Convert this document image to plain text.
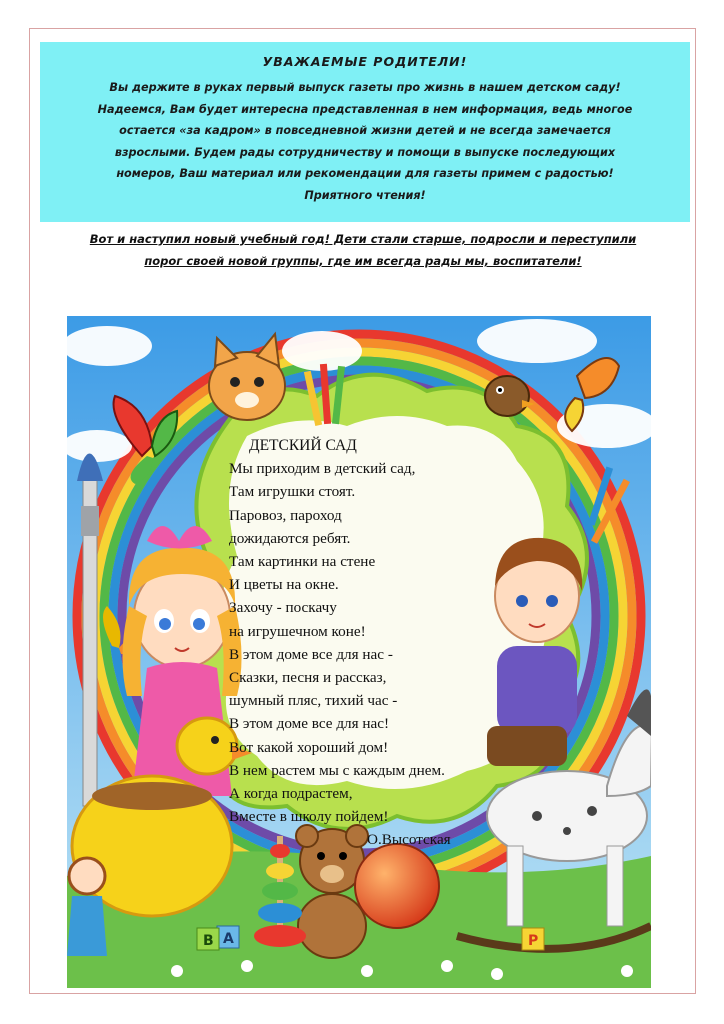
УВАЖАЕМЫЕ РОДИТЕЛИ!
Вы держите в руках первый выпуск газеты про жизнь в нашем детском саду!
Надеемся, Вам будет интересна представленная в нем информация, ведь многое
остается «за кадром» в повседневной жизни детей и не всегда замечается
взрослыми. Будем рады сотрудничеству и помощи в выпуске последующих
номеров, Ваш материал или рекомендации для газеты примем с радостью!
Приятного чтения!
Вот и наступил новый учебный год! Дети стали старше, подросли и переступили
порог своей новой группы, где им всегда рады мы, воспитатели!
А
В	Р
ДЕТСКИЙ САД
Мы приходим в детский сад,
Там игрушки стоят.
Паровоз, пароход
дожидаются ребят.
Там картинки на стене
И цветы на окне.
Захочу - поскачу
на игрушечном коне!
В этом доме все для нас -
Сказки, песня и рассказ,
шумный пляс, тихий час -
В этом доме все для нас!
Вот какой хороший дом!
В нем растем мы с каждым днем.
А когда подрастем,
Вместе в школу пойдем!
О.Высотская
